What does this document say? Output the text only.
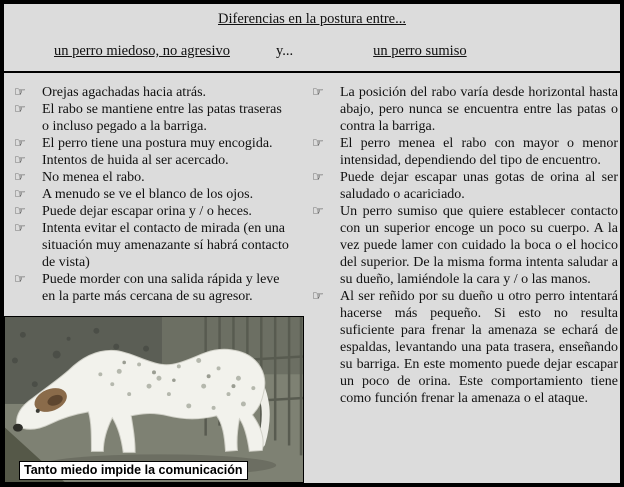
Diferencias en la postura entre...
un perro miedoso, no agresivo	y...	un perro sumiso
☞ Orejas agachadas hacia atrás.
☞ El rabo se mantiene entre las patas traseras o incluso pegado a la barriga.
☞ El perro tiene una postura muy encogida.
☞ Intentos de huida al ser acercado.
☞ No menea el rabo.
☞ A menudo se ve el blanco de los ojos.
☞ Puede dejar escapar orina y / o heces.
☞ Intenta evitar el contacto de mirada (en una situación muy amenazante sí habrá contacto de vista)
☞ Puede morder con una salida rápida y leve en la parte más cercana de su agresor.
☞ La posición del rabo varía desde horizontal hasta abajo, pero nunca se encuentra entre las patas o contra la barriga.
☞ El perro menea el rabo con mayor o menor intensidad, dependiendo del tipo de encuentro.
☞ Puede dejar escapar unas gotas de orina al ser saludado o acariciado.
☞ Un perro sumiso que quiere establecer contacto con un superior encoge un poco su cuerpo. A la vez puede lamer con cuidado la boca o el hocico del superior. De la misma forma intenta saludar a su dueño, lamiéndole la cara y / o las manos.
☞ Al ser reñido por su dueño u otro perro intentará hacerse más pequeño. Si esto no resulta suficiente para frenar la amenaza se echará de espaldas, levantando una pata trasera, enseñando su barriga. En este momento puede dejar escapar un poco de orina. Este comportamiento tiene como función frenar la amenaza o el ataque.
Tanto miedo impide la comunicación
